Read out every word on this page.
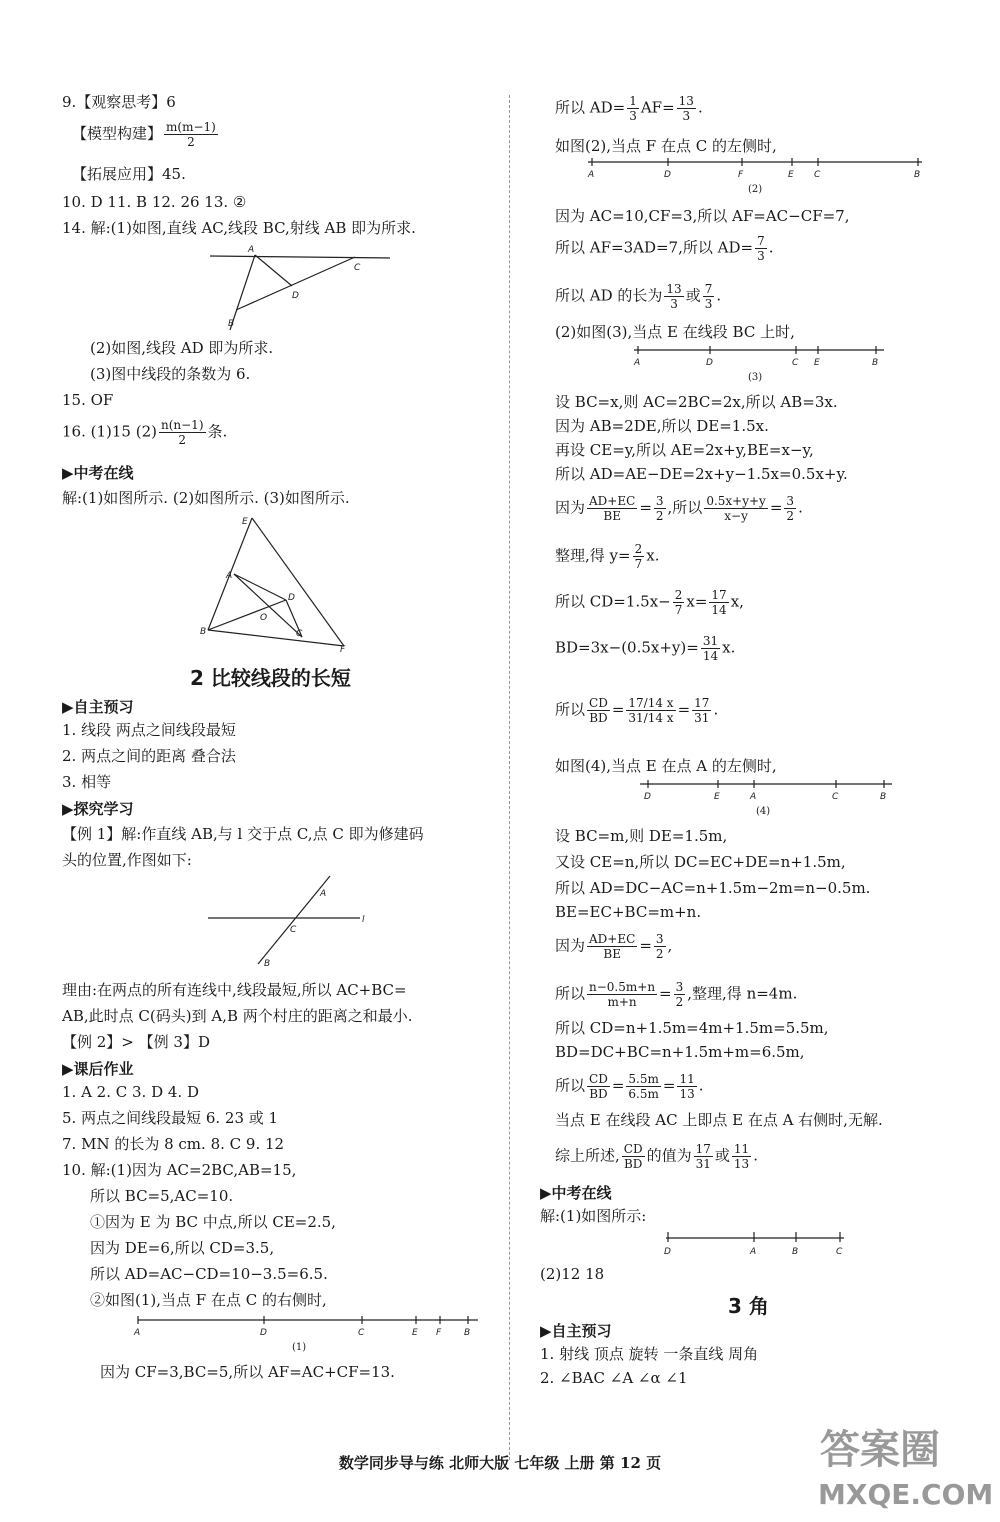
9.【观察思考】6
【模型构建】 $\frac{m(m-1)}{2}$
【拓展应用】45.
10. D 11. B 12. 26 13. ②
14. 解:(1)如图,直线 AC,线段 BC,射线 AB 即为所求.
A
C
D
B
(2)如图,线段 AD 即为所求.
(3)图中线段的条数为 6.
15. OF
16. (1)15 $(2) \frac{n(n-1)}{2}$ 条.
▶中考在线
解:(1)如图所示. (2)如图所示. (3)如图所示.
E
A
D
O
B	C
F
2 比较线段的长短
▶自主预习
1. 线段 两点之间线段最短
2. 两点之间的距离 叠合法
3. 相等
▶探究学习
【例 1】解:作直线 AB,与 l 交于点 C,点 C 即为修建码
头的位置,作图如下:
A
l
C
B
理由:在两点的所有连线中,线段最短,所以 AC+BC=
AB,此时点 C(码头)到 A,B 两个村庄的距离之和最小.
【例 2】> 【例 3】D
▶课后作业
1. A 2. C 3. D 4. D
5. 两点之间线段最短 6. 23 或 1
7. MN 的长为 8 cm. 8. C 9. 12
10. 解:(1)因为 AC=2BC,AB=15,
所以 BC=5,AC=10.
①因为 E 为 BC 中点,所以 CE=2.5,
因为 DE=6,所以 CD=3.5,
所以 AD=AC−CD=10−3.5=6.5.
②如图(1),当点 F 在点 C 的右侧时,
A	D	C	E F	B
(1)
因为 CF=3,BC=5,所以 AF=AC+CF=13.
所以 $AD= \frac{1}{3} AF= \frac{13}{3}$ .
如图(2),当点 F 在点 C 的左侧时,
A	D	F	E C	B
(2)
因为 AC=10,CF=3,所以 AF=AC−CF=7,
所以 AF=3AD=7,所以 $AD= \frac{7}{3}$ .
所以 AD 的长为 $\frac{13}{3}$ 或 $\frac{7}{3}$ .
(2)如图(3),当点 E 在线段 BC 上时,
A	D	C E	B
(3)
设 BC=x,则 AC=2BC=2x,所以 AB=3x.
因为 AB=2DE,所以 DE=1.5x.
再设 CE=y,所以 AE=2x+y,BE=x−y,
所以 AD=AE−DE=2x+y−1.5x=0.5x+y.
因为 $\frac{AD+EC}{BE} = \frac{3}{2}$ ,所以 $\frac{0.5x+y+y}{x-y} = \frac{3}{2}$ .
整理,得 $y= \frac{2}{7} x$.
所以 $CD=1.5x- \frac{2}{7} x= \frac{17}{14} x$,
$BD=3x-(0.5x+y)= \frac{31}{14} x$.
所以 $\frac{CD}{BD} = \frac{17/14 x}{31/14 x} = \frac{17}{31}$ .
如图(4),当点 E 在点 A 的左侧时,
D	E	A	C	B
(4)
设 BC=m,则 DE=1.5m,
又设 CE=n,所以 DC=EC+DE=n+1.5m,
所以 AD=DC−AC=n+1.5m−2m=n−0.5m.
BE=EC+BC=m+n.
因为 $\frac{AD+EC}{BE} = \frac{3}{2}$ ,
所以 $\frac{n-0.5m+n}{m+n} = \frac{3}{2}$ ,整理,得 n=4m.
所以 CD=n+1.5m=4m+1.5m=5.5m,
BD=DC+BC=n+1.5m+m=6.5m,
所以 $\frac{CD}{BD} = \frac{5.5m}{6.5m} = \frac{11}{13}$ .
当点 E 在线段 AC 上即点 E 在点 A 右侧时,无解.
综上所述, $\frac{CD}{BD}$ 的值为 $\frac{17}{31}$ 或 $\frac{11}{13}$ .
▶中考在线
解:(1)如图所示:
D	A	B	C
(2)12 18
3 角
▶自主预习
1. 射线 顶点 旋转 一条直线 周角
2. ∠BAC ∠A ∠α ∠1
数学同步导与练 北师大版 七年级 上册 第 12 页	答案圈
MXQE.COM
